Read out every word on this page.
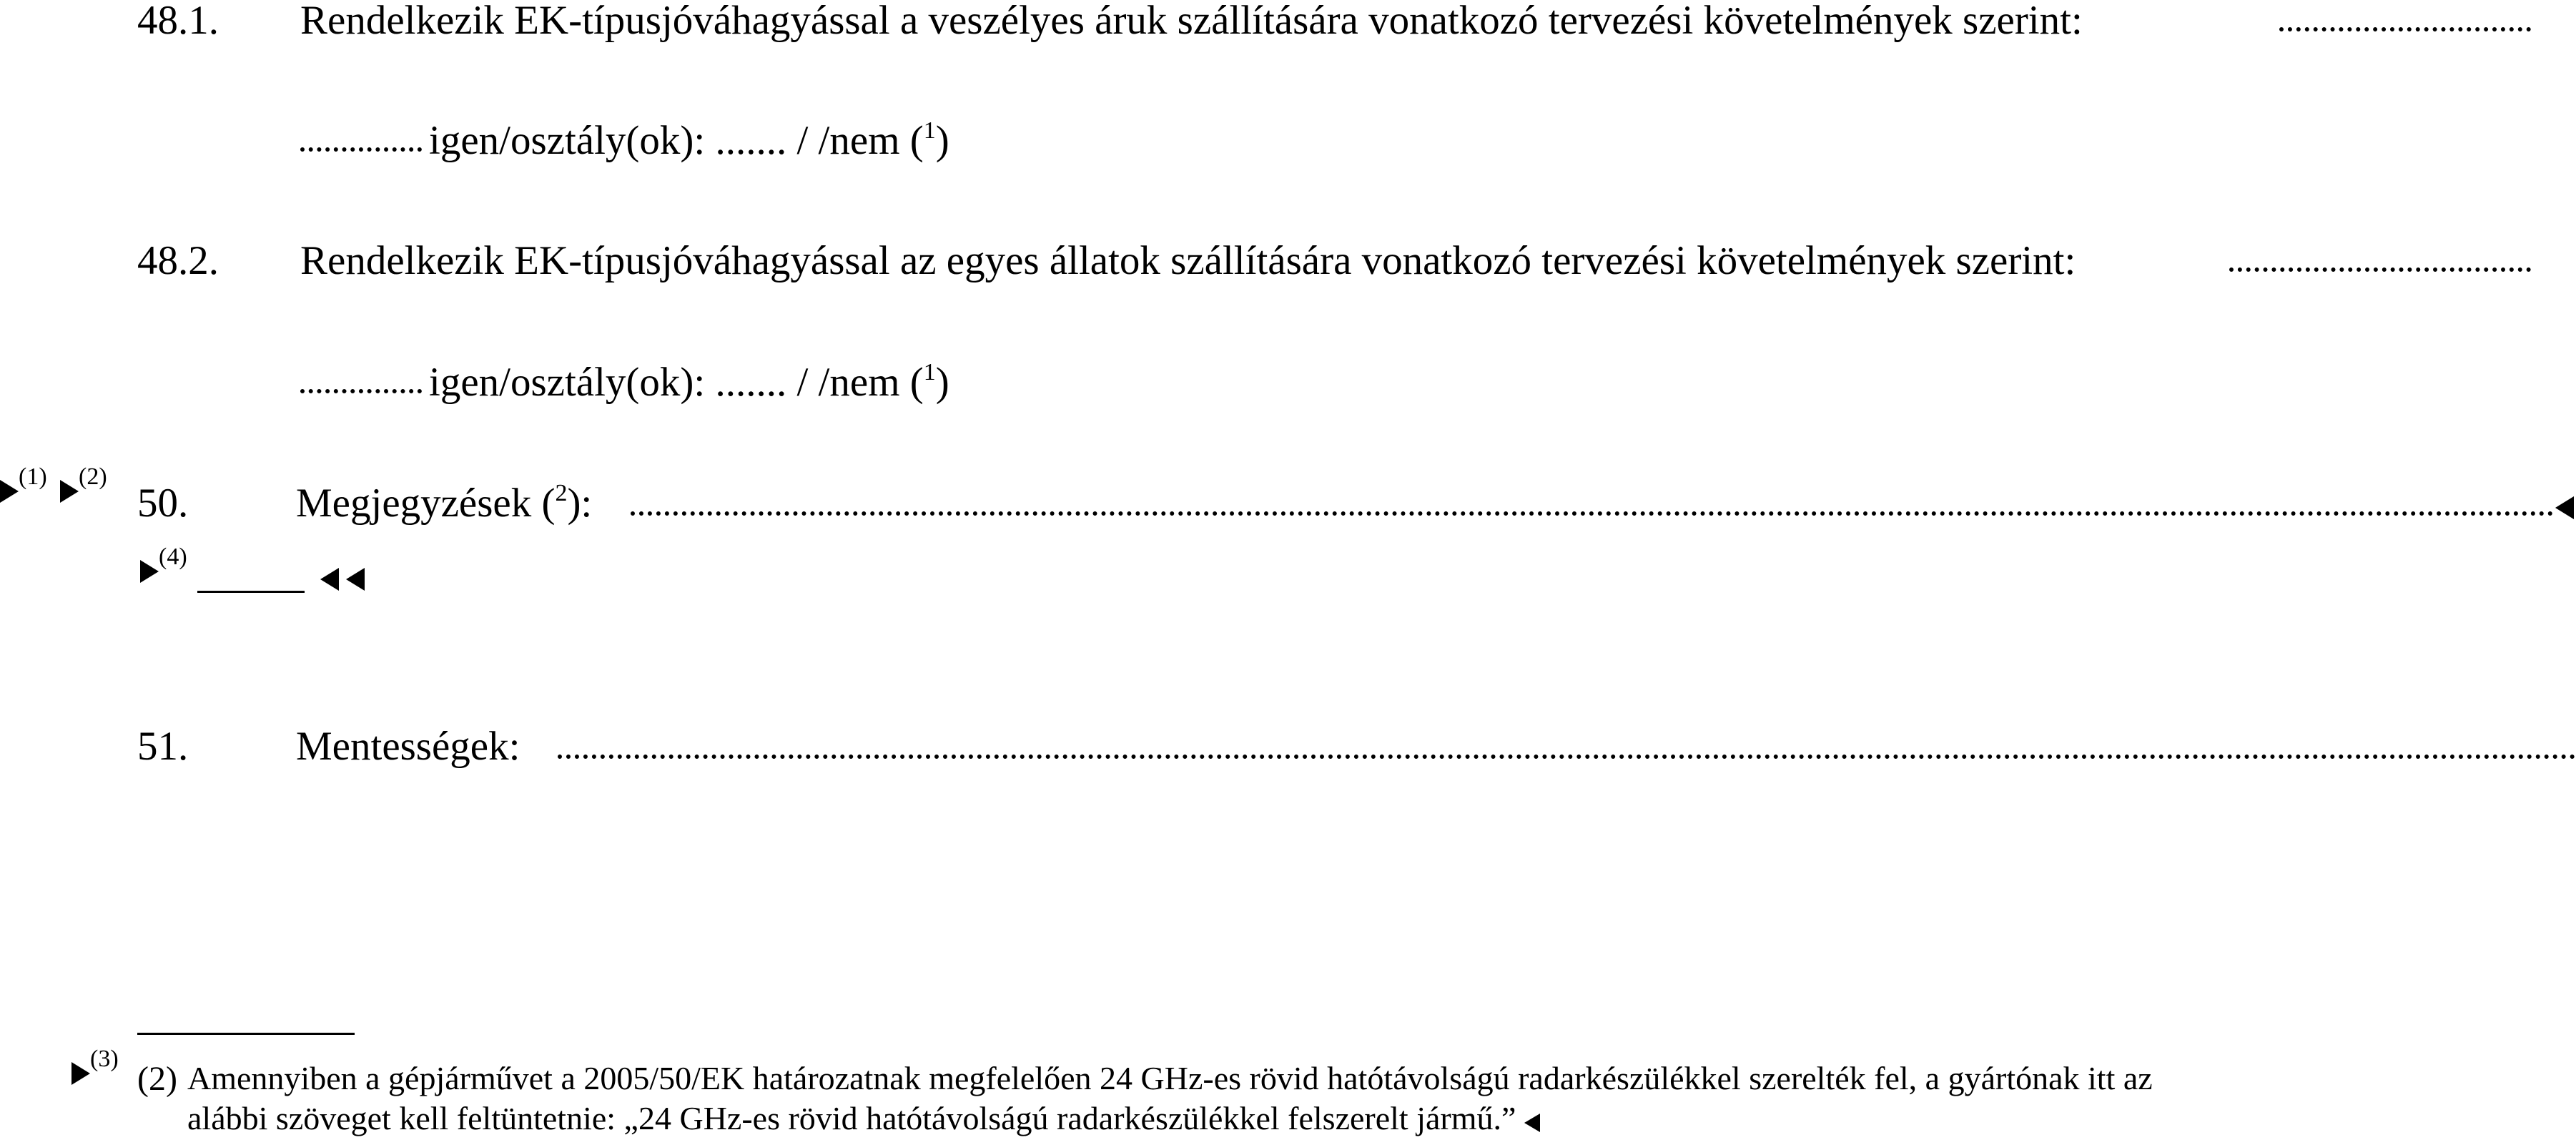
48.1. Rendelkezik EK-típusjóváhagyással a veszélyes áruk szállítására vonatkozó tervezési követelmények szerint:
igen/osztály(ok): ....... / /nem ($^1$)
48.2. Rendelkezik EK-típusjóváhagyással az egyes állatok szállítására vonatkozó tervezési követelmények szerint:
igen/osztály(ok): ....... / /nem ($^1$)
(1)	(2)
50.	Megjegyzések ($^2$):
(4)
51.	Mentességek:
(3)
(2) Amennyiben a gépjárművet a 2005/50/EK határozatnak megfelelően 24 GHz-es rövid hatótávolságú radarkészülékkel szerelték fel, a gyártónak itt az
alábbi szöveget kell feltüntetnie: „24 GHz-es rövid hatótávolságú radarkészülékkel felszerelt jármű.”
